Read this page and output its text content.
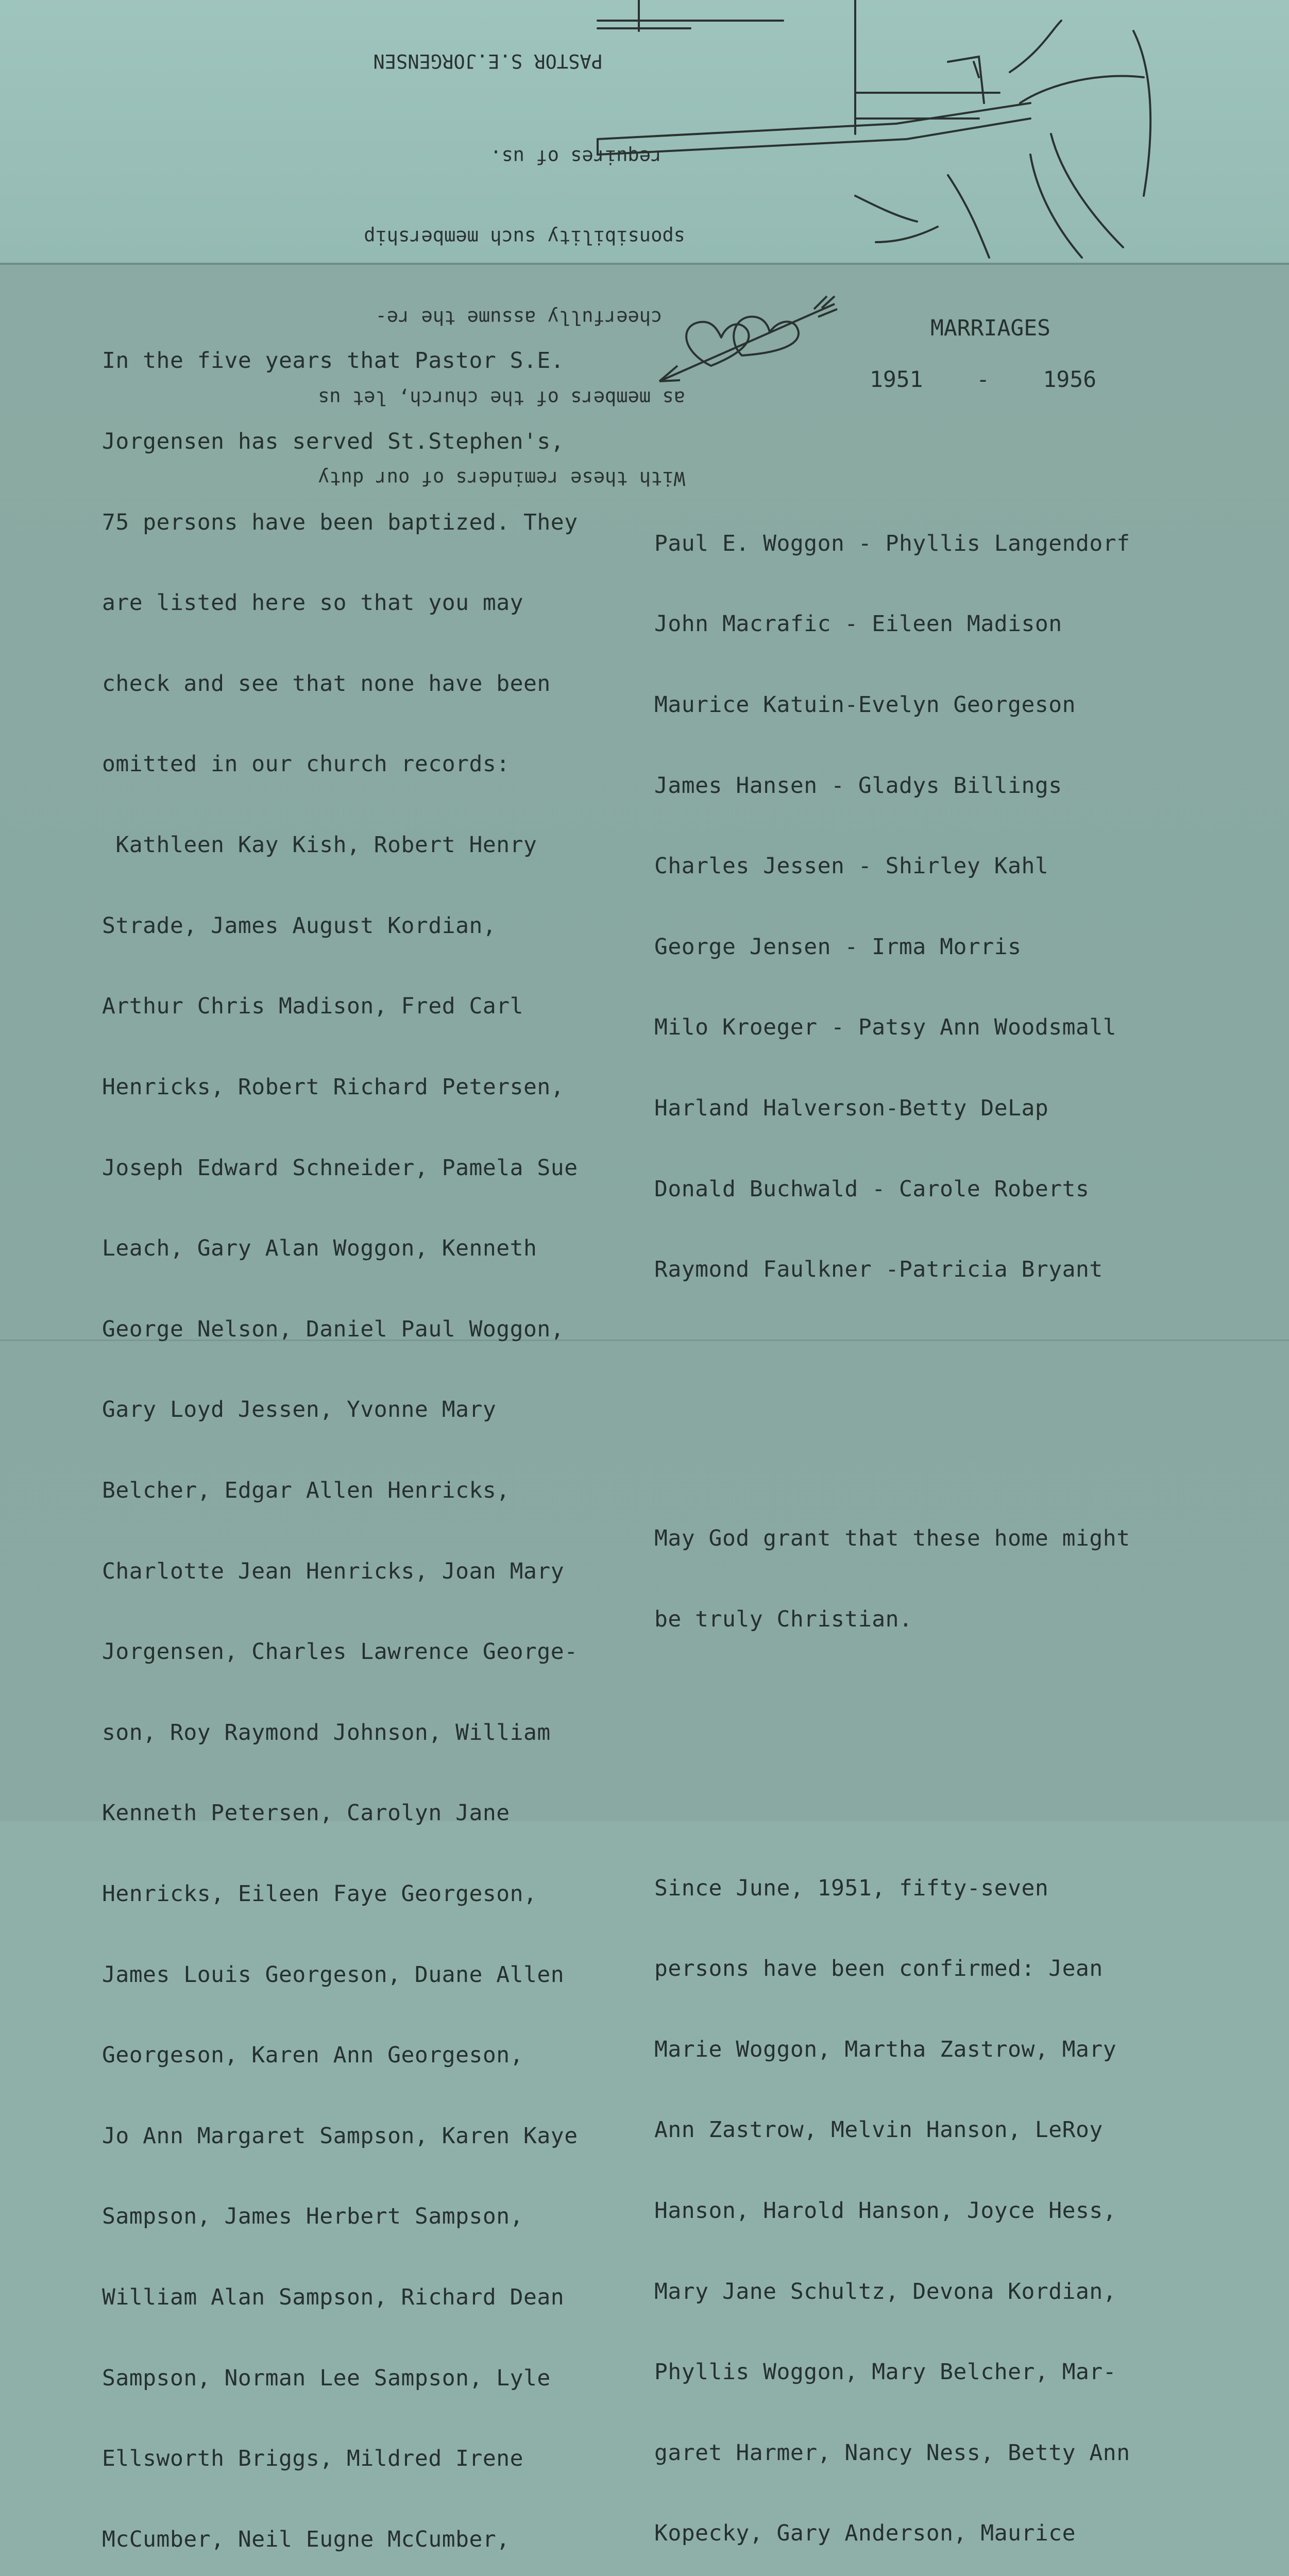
With these reminders of our duty

as members of the church, let us

cheerfully assume the re-

sponsibility such membership

requires of us.

PASTOR S.E.JORGENSEN

MARRIAGES
1951    -    1956

In the five years that Pastor S.E.

Jorgensen has served St.Stephen's,

75 persons have been baptized. They

are listed here so that you may

check and see that none have been

omitted in our church records:

Kathleen Kay Kish, Robert Henry

Strade, James August Kordian,

Arthur Chris Madison, Fred Carl

Henricks, Robert Richard Petersen,

Joseph Edward Schneider, Pamela Sue

Leach, Gary Alan Woggon, Kenneth

George Nelson, Daniel Paul Woggon,

Gary Loyd Jessen, Yvonne Mary

Belcher, Edgar Allen Henricks,

Charlotte Jean Henricks, Joan Mary

Jorgensen, Charles Lawrence George-

son, Roy Raymond Johnson, William

Kenneth Petersen, Carolyn Jane

Henricks, Eileen Faye Georgeson,

James Louis Georgeson, Duane Allen

Georgeson, Karen Ann Georgeson,

Jo Ann Margaret Sampson, Karen Kaye

Sampson, James Herbert Sampson,

William Alan Sampson, Richard Dean

Sampson, Norman Lee Sampson, Lyle

Ellsworth Briggs, Mildred Irene

McCumber, Neil Eugne McCumber,

Paul E. Woggon - Phyllis Langendorf

John Macrafic - Eileen Madison

Maurice Katuin-Evelyn Georgeson

James Hansen - Gladys Billings

Charles Jessen - Shirley Kahl

George Jensen - Irma Morris

Milo Kroeger - Patsy Ann Woodsmall

Harland Halverson-Betty DeLap

Donald Buchwald - Carole Roberts

Raymond Faulkner -Patricia Bryant

May God grant that these home might

be truly Christian.

Since June, 1951, fifty-seven

persons have been confirmed: Jean

Marie Woggon, Martha Zastrow, Mary

Ann Zastrow, Melvin Hanson, LeRoy

Hanson, Harold Hanson, Joyce Hess,

Mary Jane Schultz, Devona Kordian,

Phyllis Woggon, Mary Belcher, Mar-

garet Harmer, Nancy Ness, Betty Ann

Kopecky, Gary Anderson, Maurice
